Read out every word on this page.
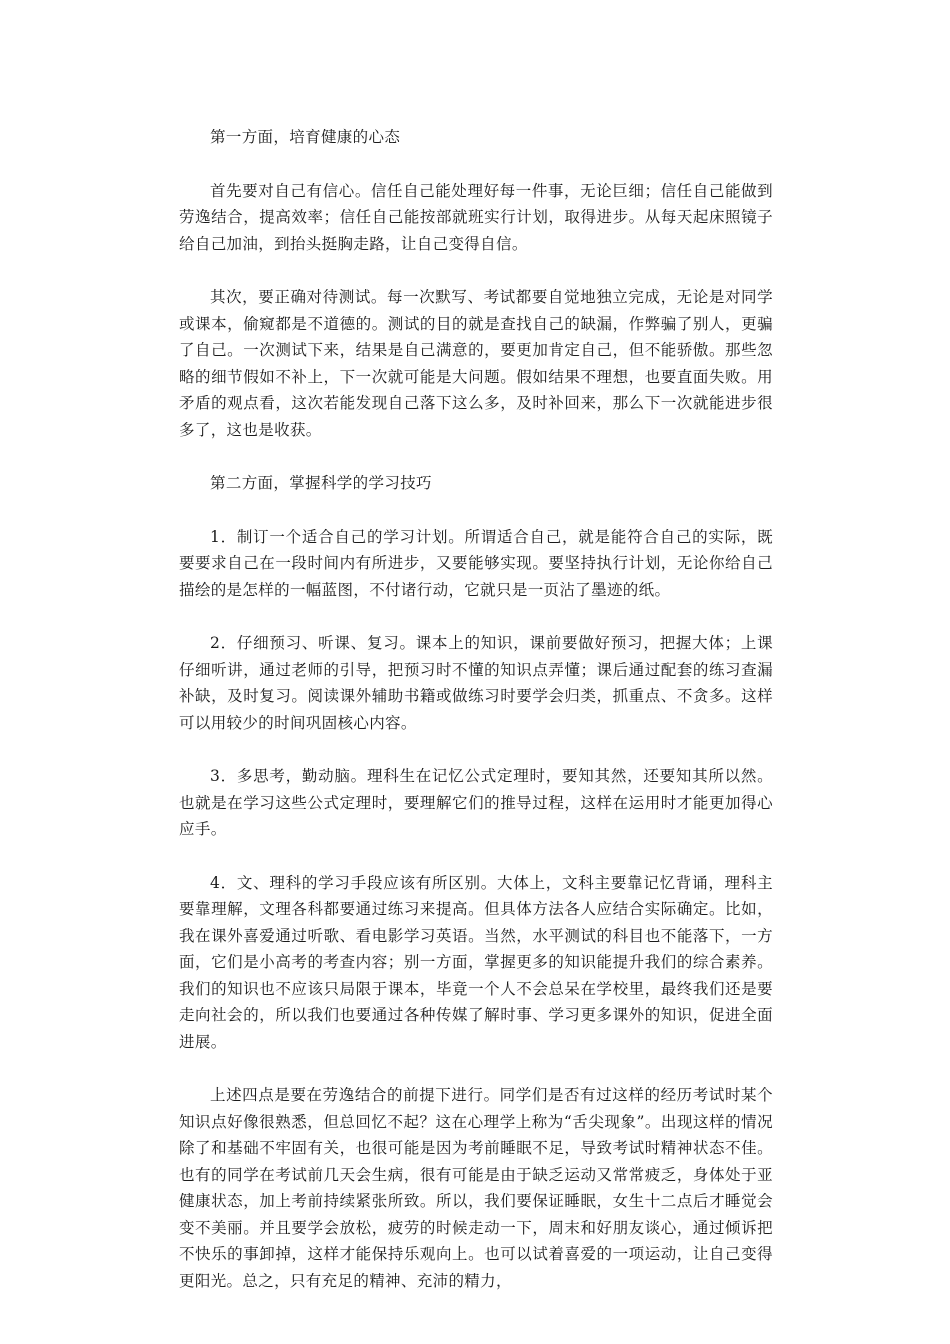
第一方面，培育健康的心态

首先要对自己有信心。信任自己能处理好每一件事，无论巨细；信任自己能做到劳逸结合，提高效率；信任自己能按部就班实行计划，取得进步。从每天起床照镜子给自己加油，到抬头挺胸走路，让自己变得自信。

其次，要正确对待测试。每一次默写、考试都要自觉地独立完成，无论是对同学或课本，偷窥都是不道德的。测试的目的就是查找自己的缺漏，作弊骗了别人，更骗了自己。一次测试下来，结果是自己满意的，要更加肯定自己，但不能骄傲。那些忽略的细节假如不补上，下一次就可能是大问题。假如结果不理想，也要直面失败。用矛盾的观点看，这次若能发现自己落下这么多，及时补回来，那么下一次就能进步很多了，这也是收获。

第二方面，掌握科学的学习技巧

1．制订一个适合自己的学习计划。所谓适合自己，就是能符合自己的实际，既要要求自己在一段时间内有所进步，又要能够实现。要坚持执行计划，无论你给自己描绘的是怎样的一幅蓝图，不付诸行动，它就只是一页沾了墨迹的纸。

2．仔细预习、听课、复习。课本上的知识，课前要做好预习，把握大体；上课仔细听讲，通过老师的引导，把预习时不懂的知识点弄懂；课后通过配套的练习查漏补缺，及时复习。阅读课外辅助书籍或做练习时要学会归类，抓重点、不贪多。这样可以用较少的时间巩固核心内容。

3．多思考，勤动脑。理科生在记忆公式定理时，要知其然，还要知其所以然。也就是在学习这些公式定理时，要理解它们的推导过程，这样在运用时才能更加得心应手。

4．文、理科的学习手段应该有所区别。大体上，文科主要靠记忆背诵，理科主要靠理解，文理各科都要通过练习来提高。但具体方法各人应结合实际确定。比如，我在课外喜爱通过听歌、看电影学习英语。当然，水平测试的科目也不能落下，一方面，它们是小高考的考查内容；别一方面，掌握更多的知识能提升我们的综合素养。我们的知识也不应该只局限于课本，毕竟一个人不会总呆在学校里，最终我们还是要走向社会的，所以我们也要通过各种传媒了解时事、学习更多课外的知识，促进全面进展。

上述四点是要在劳逸结合的前提下进行。同学们是否有过这样的经历考试时某个知识点好像很熟悉，但总回忆不起？这在心理学上称为“舌尖现象”。出现这样的情况除了和基础不牢固有关，也很可能是因为考前睡眠不足，导致考试时精神状态不佳。也有的同学在考试前几天会生病，很有可能是由于缺乏运动又常常疲乏，身体处于亚健康状态，加上考前持续紧张所致。所以，我们要保证睡眠，女生十二点后才睡觉会变不美丽。并且要学会放松，疲劳的时候走动一下，周末和好朋友谈心，通过倾诉把不快乐的事卸掉，这样才能保持乐观向上。也可以试着喜爱的一项运动，让自己变得更阳光。总之，只有充足的精神、充沛的精力，
